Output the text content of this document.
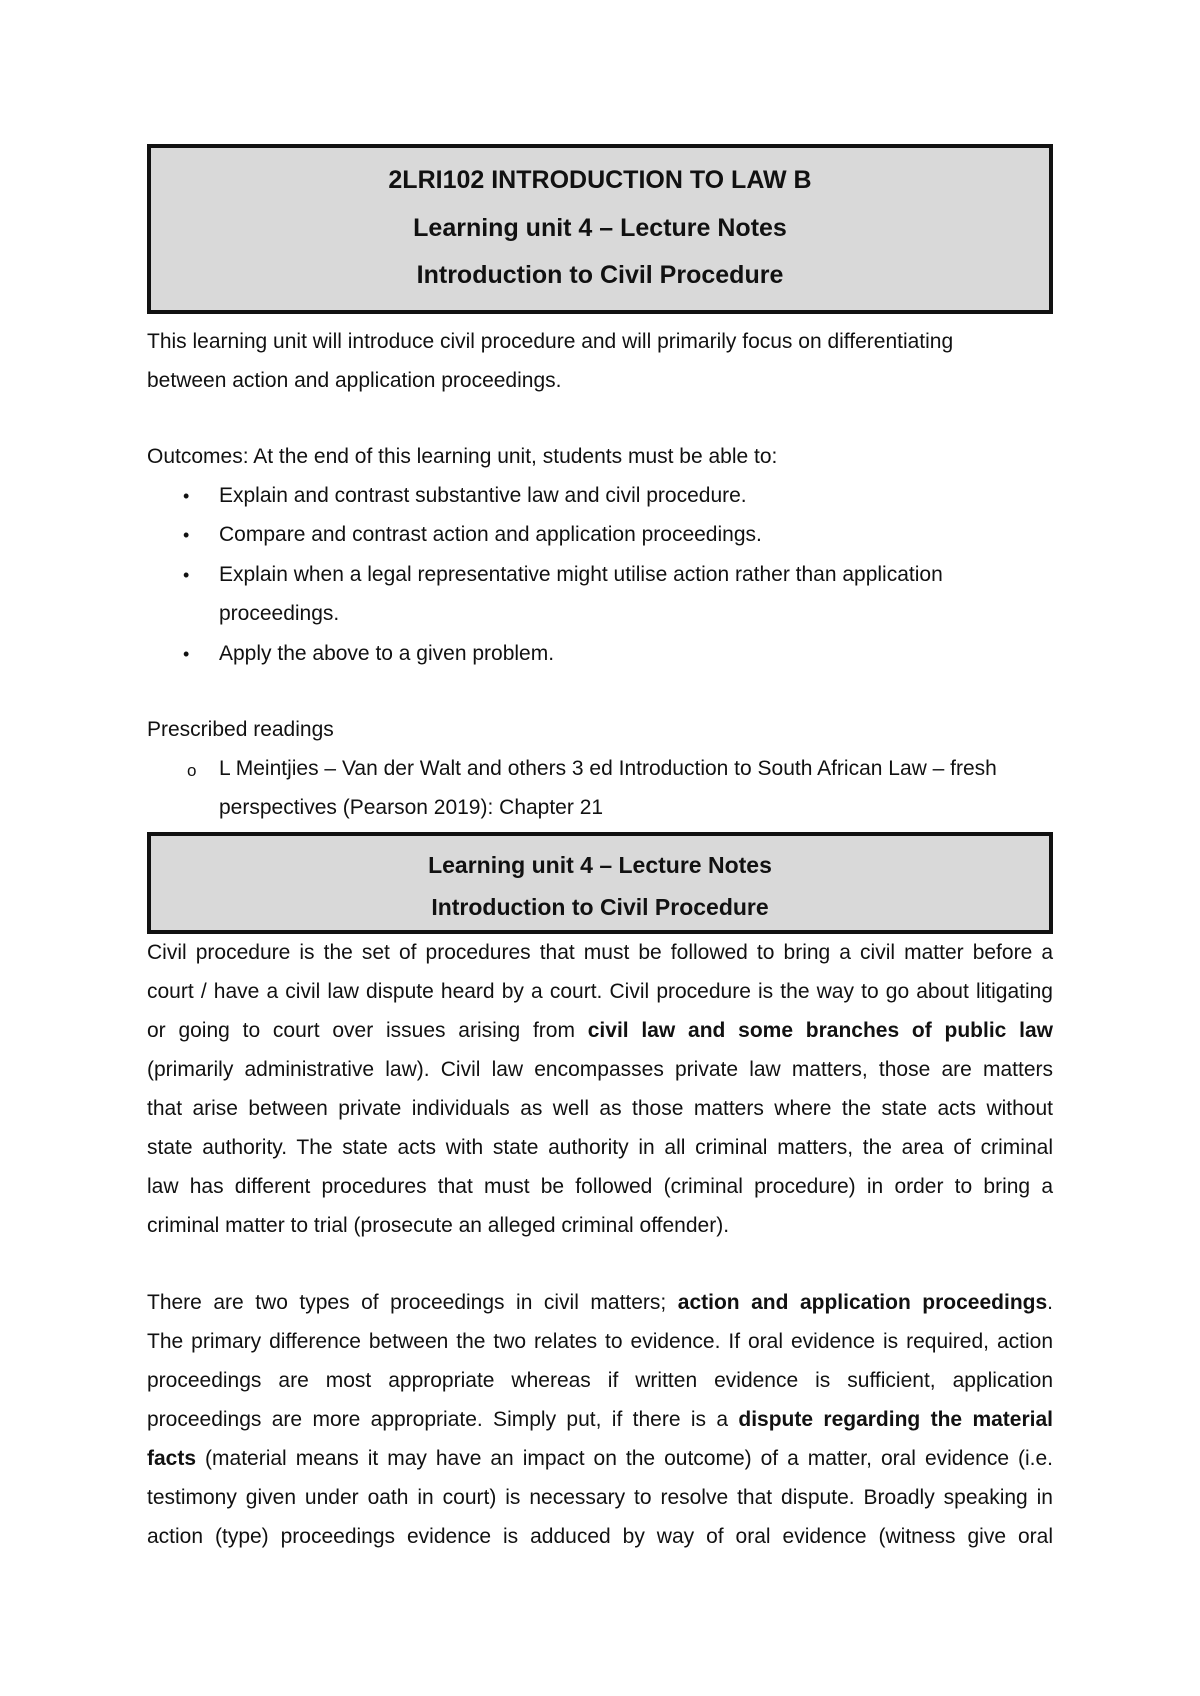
2LRI102 INTRODUCTION TO LAW B
Learning unit 4 – Lecture Notes
Introduction to Civil Procedure
This learning unit will introduce civil procedure and will primarily focus on differentiating
between action and application proceedings.
Outcomes: At the end of this learning unit, students must be able to:
• Explain and contrast substantive law and civil procedure.
• Compare and contrast action and application proceedings.
• Explain when a legal representative might utilise action rather than application
proceedings.
• Apply the above to a given problem.
Prescribed readings
o L Meintjies – Van der Walt and others 3 ed Introduction to South African Law – fresh
perspectives (Pearson 2019): Chapter 21
Learning unit 4 – Lecture Notes
Introduction to Civil Procedure
Civil procedure is the set of procedures that must be followed to bring a civil matter before a
court / have a civil law dispute heard by a court. Civil procedure is the way to go about litigating
or going to court over issues arising from civil law and some branches of public law
(primarily administrative law). Civil law encompasses private law matters, those are matters
that arise between private individuals as well as those matters where the state acts without
state authority. The state acts with state authority in all criminal matters, the area of criminal
law has different procedures that must be followed (criminal procedure) in order to bring a
criminal matter to trial (prosecute an alleged criminal offender).
There are two types of proceedings in civil matters; action and application proceedings.
The primary difference between the two relates to evidence. If oral evidence is required, action
proceedings are most appropriate whereas if written evidence is sufficient, application
proceedings are more appropriate. Simply put, if there is a dispute regarding the material
facts (material means it may have an impact on the outcome) of a matter, oral evidence (i.e.
testimony given under oath in court) is necessary to resolve that dispute. Broadly speaking in
action (type) proceedings evidence is adduced by way of oral evidence (witness give oral
